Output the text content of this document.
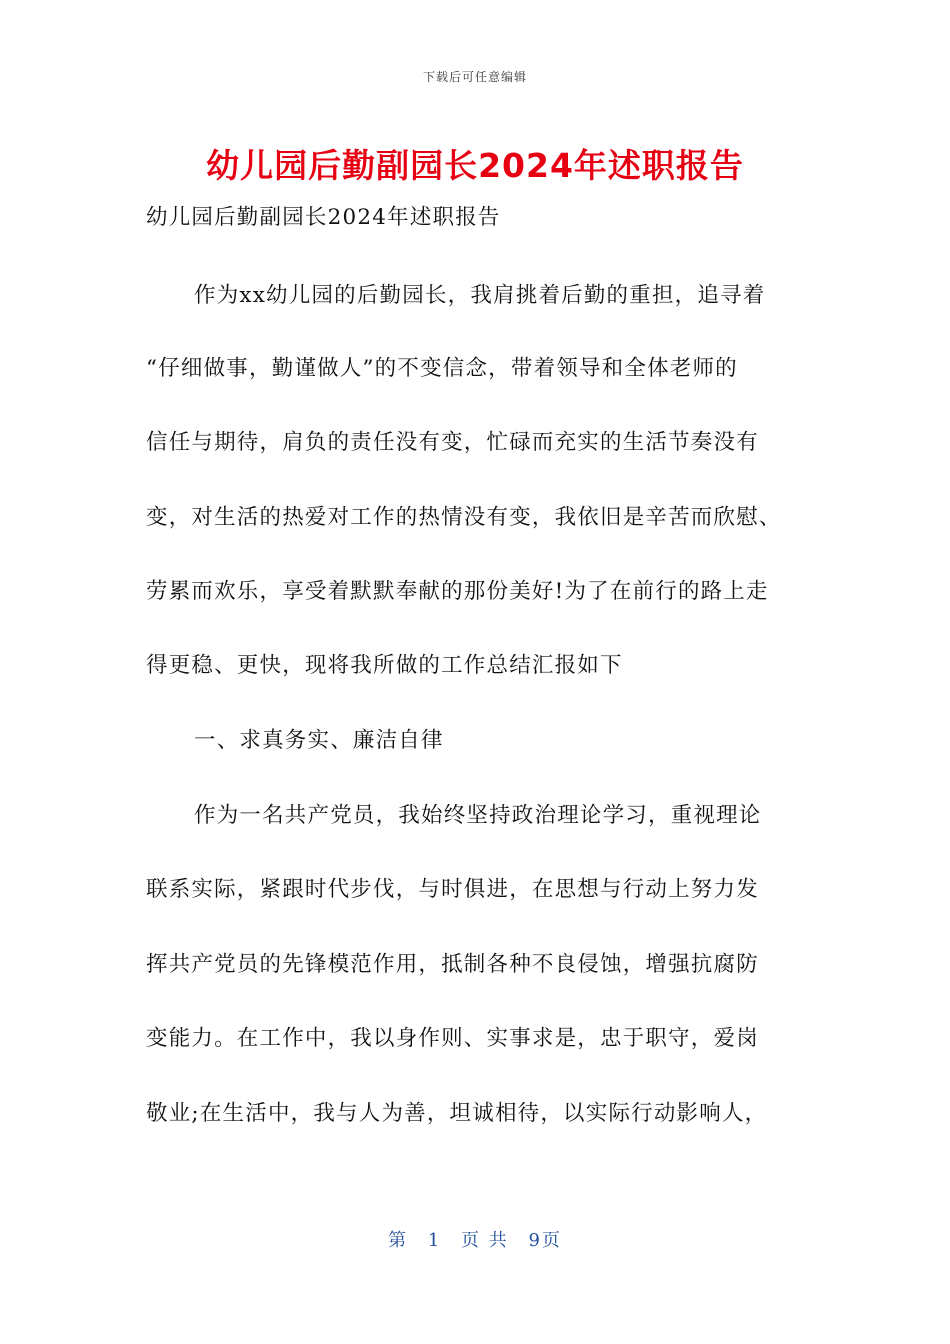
下载后可任意编辑
幼儿园后勤副园长2024年述职报告
幼儿园后勤副园长2024年述职报告
作为xx幼儿园的后勤园长，我肩挑着后勤的重担，追寻着
“仔细做事，勤谨做人”的不变信念，带着领导和全体老师的
信任与期待，肩负的责任没有变，忙碌而充实的生活节奏没有
变，对生活的热爱对工作的热情没有变，我依旧是辛苦而欣慰、
劳累而欢乐，享受着默默奉献的那份美好!为了在前行的路上走
得更稳、更快，现将我所做的工作总结汇报如下
一、求真务实、廉洁自律
作为一名共产党员，我始终坚持政治理论学习，重视理论
联系实际，紧跟时代步伐，与时俱进，在思想与行动上努力发
挥共产党员的先锋模范作用，抵制各种不良侵蚀，增强抗腐防
变能力。在工作中，我以身作则、实事求是，忠于职守，爱岗
敬业;在生活中，我与人为善，坦诚相待，以实际行动影响人，
第 1 页 共 9页
